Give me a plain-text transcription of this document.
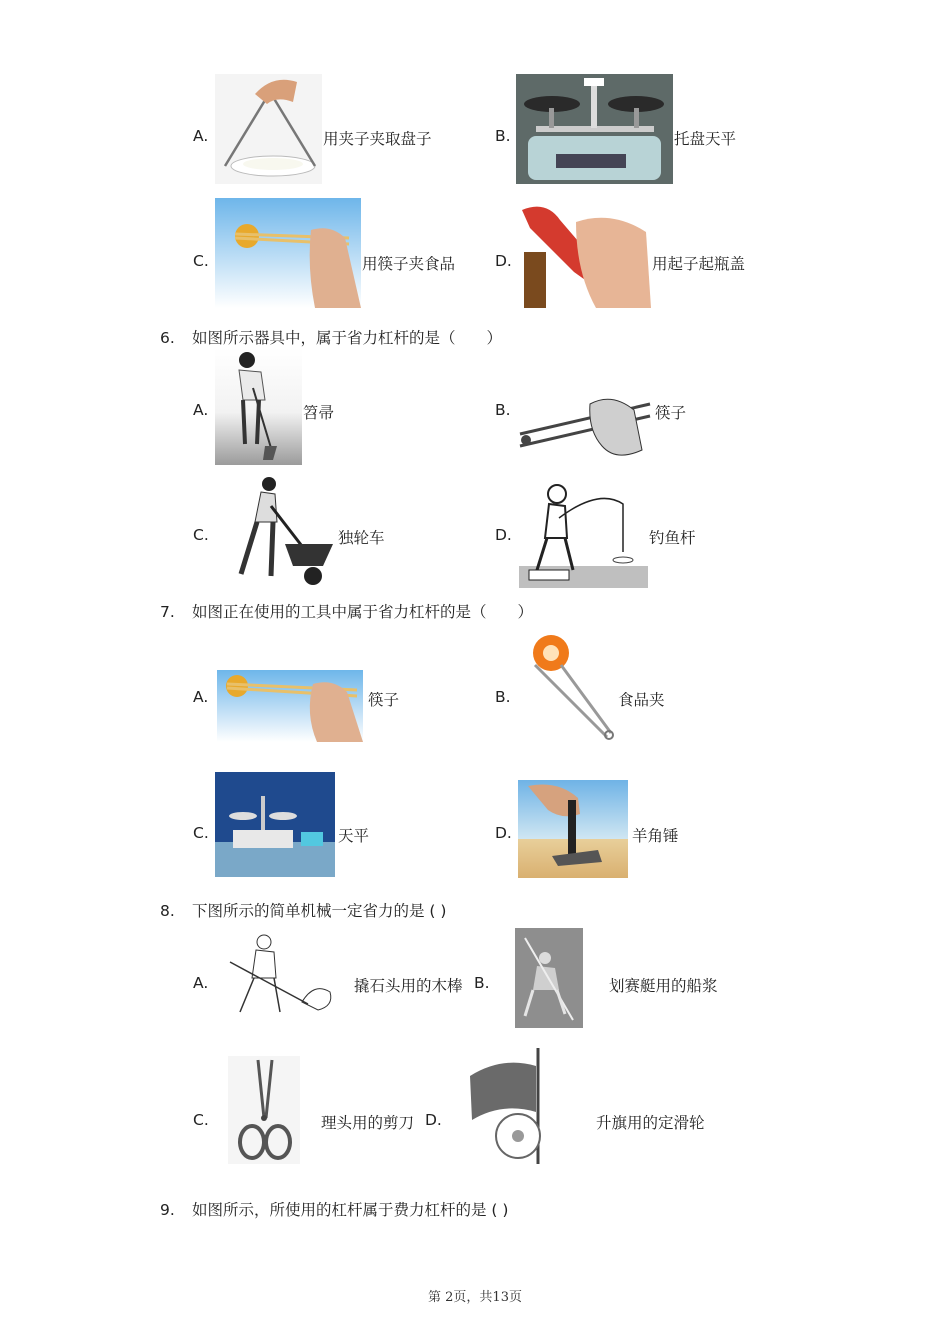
A.	用夹子夹取盘子	B.	托盘天平
C.	用筷子夹食品	D.	用起子起瓶盖
6. 如图所示器具中，属于省力杠杆的是（　　）
A.	笤帚	B.	筷子
C.	独轮车	D.	钓鱼杆
7. 如图正在使用的工具中属于省力杠杆的是（　　）
A.	筷子	B.	食品夹
C.	天平	D.	羊角锤
8. 下图所示的简单机械一定省力的是 ( )
A.	撬石头用的木棒 B.	划赛艇用的船浆
C.	理头用的剪刀 D.	升旗用的定滑轮
9. 如图所示，所使用的杠杆属于费力杠杆的是 ( )
第 2页，共13页
